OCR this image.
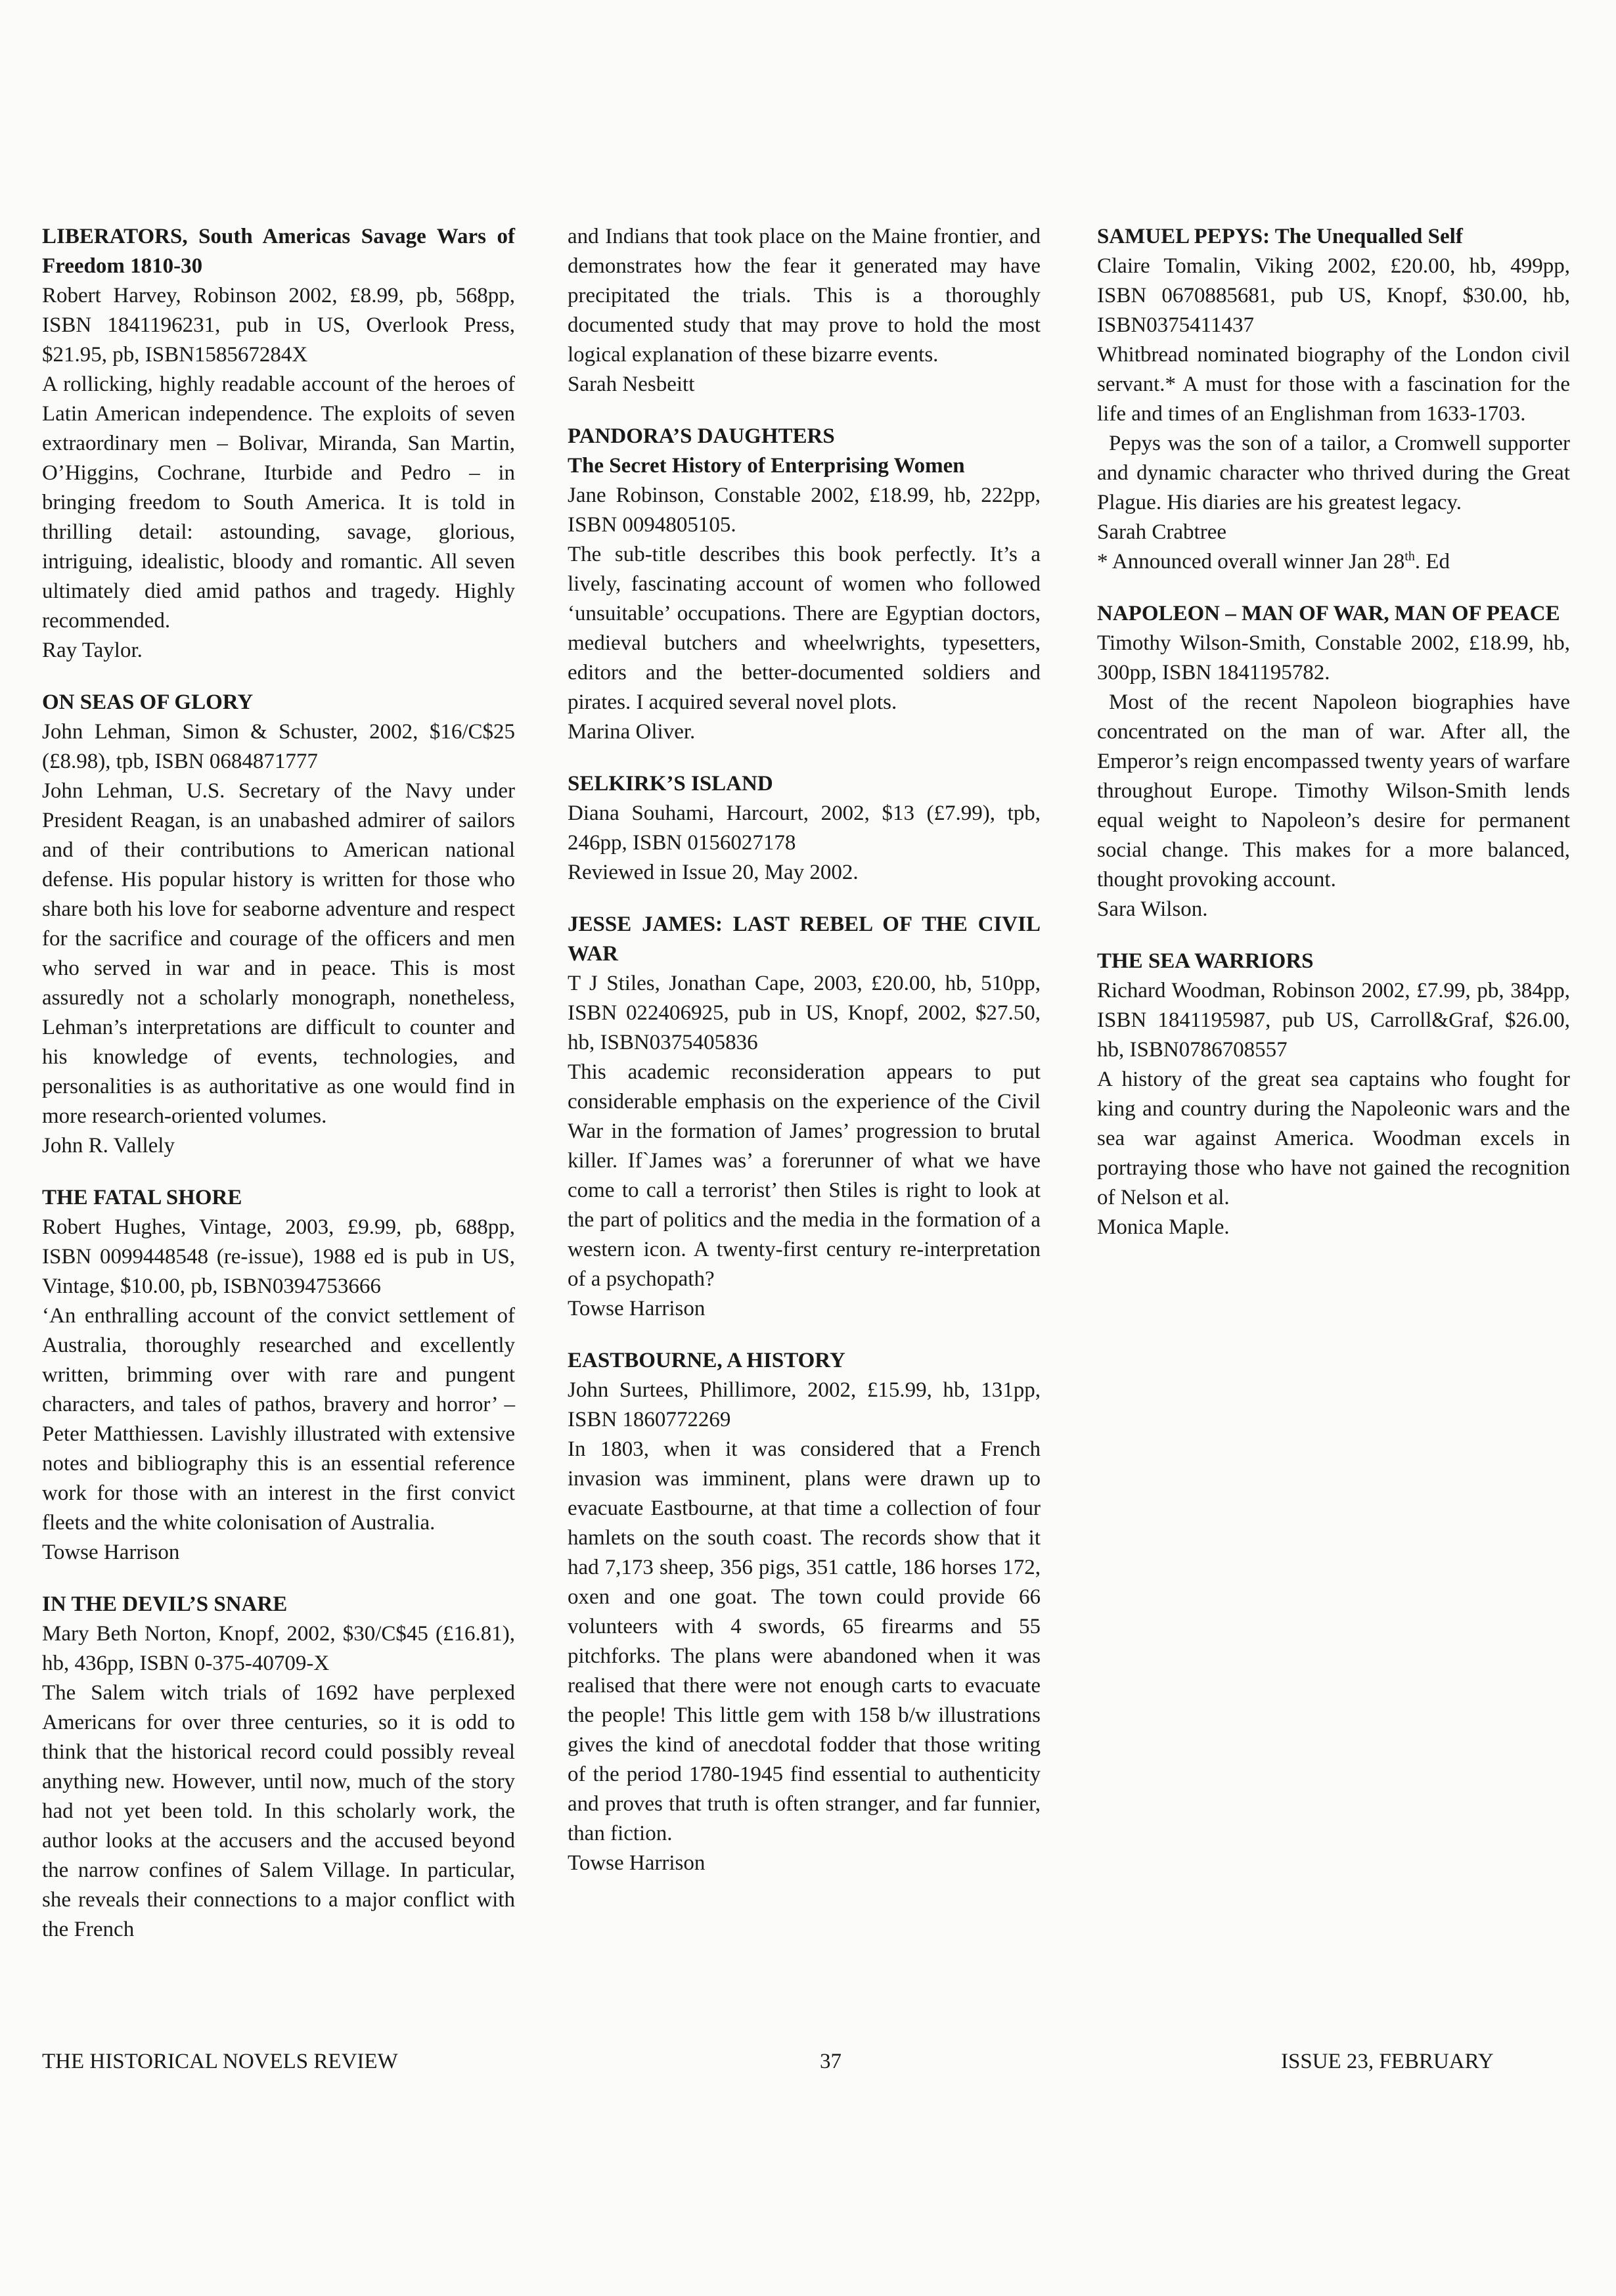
LIBERATORS, South Americas Savage Wars of Freedom 1810-30
Robert Harvey, Robinson 2002, £8.99, pb, 568pp, ISBN 1841196231, pub in US, Overlook Press, $21.95, pb, ISBN158567284X
A rollicking, highly readable account of the heroes of Latin American independence. The exploits of seven extraordinary men – Bolivar, Miranda, San Martin, O’Higgins, Cochrane, Iturbide and Pedro – in bringing freedom to South America. It is told in thrilling detail: astounding, savage, glorious, intriguing, idealistic, bloody and romantic. All seven ultimately died amid pathos and tragedy. Highly recommended.
Ray Taylor.
ON SEAS OF GLORY
John Lehman, Simon & Schuster, 2002, $16/C$25 (£8.98), tpb, ISBN 0684871777
John Lehman, U.S. Secretary of the Navy under President Reagan, is an unabashed admirer of sailors and of their contributions to American national defense. His popular history is written for those who share both his love for seaborne adventure and respect for the sacrifice and courage of the officers and men who served in war and in peace. This is most assuredly not a scholarly monograph, nonetheless, Lehman’s interpretations are difficult to counter and his knowledge of events, technologies, and personalities is as authoritative as one would find in more research-oriented volumes.
John R. Vallely
THE FATAL SHORE
Robert Hughes, Vintage, 2003, £9.99, pb, 688pp, ISBN 0099448548 (re-issue), 1988 ed is pub in US, Vintage, $10.00, pb, ISBN0394753666
‘An enthralling account of the convict settlement of Australia, thoroughly researched and excellently written, brimming over with rare and pungent characters, and tales of pathos, bravery and horror’ – Peter Matthiessen. Lavishly illustrated with extensive notes and bibliography this is an essential reference work for those with an interest in the first convict fleets and the white colonisation of Australia.
Towse Harrison
IN THE DEVIL’S SNARE
Mary Beth Norton, Knopf, 2002, $30/C$45 (£16.81), hb, 436pp, ISBN 0-375-40709-X
The Salem witch trials of 1692 have perplexed Americans for over three centuries, so it is odd to think that the historical record could possibly reveal anything new. However, until now, much of the story had not yet been told. In this scholarly work, the author looks at the accusers and the accused beyond the narrow confines of Salem Village. In particular, she reveals their connections to a major conflict with the French
and Indians that took place on the Maine frontier, and demonstrates how the fear it generated may have precipitated the trials. This is a thoroughly documented study that may prove to hold the most logical explanation of these bizarre events.
Sarah Nesbeitt
PANDORA’S DAUGHTERS
The Secret History of Enterprising Women
Jane Robinson, Constable 2002, £18.99, hb, 222pp, ISBN 0094805105.
The sub-title describes this book perfectly. It’s a lively, fascinating account of women who followed ‘unsuitable’ occupations. There are Egyptian doctors, medieval butchers and wheelwrights, typesetters, editors and the better-documented soldiers and pirates. I acquired several novel plots.
Marina Oliver.
SELKIRK’S ISLAND
Diana Souhami, Harcourt, 2002, $13 (£7.99), tpb, 246pp, ISBN 0156027178
Reviewed in Issue 20, May 2002.
JESSE JAMES: LAST REBEL OF THE CIVIL WAR
T J Stiles, Jonathan Cape, 2003, £20.00, hb, 510pp, ISBN 022406925, pub in US, Knopf, 2002, $27.50, hb, ISBN0375405836
This academic reconsideration appears to put considerable emphasis on the experience of the Civil War in the formation of James’ progression to brutal killer. If`James was’ a forerunner of what we have come to call a terrorist’ then Stiles is right to look at the part of politics and the media in the formation of a western icon. A twenty-first century re-interpretation of a psychopath?
Towse Harrison
EASTBOURNE, A HISTORY
John Surtees, Phillimore, 2002, £15.99, hb, 131pp, ISBN 1860772269
In 1803, when it was considered that a French invasion was imminent, plans were drawn up to evacuate Eastbourne, at that time a collection of four hamlets on the south coast. The records show that it had 7,173 sheep, 356 pigs, 351 cattle, 186 horses 172, oxen and one goat. The town could provide 66 volunteers with 4 swords, 65 firearms and 55 pitchforks. The plans were abandoned when it was realised that there were not enough carts to evacuate the people! This little gem with 158 b/w illustrations gives the kind of anecdotal fodder that those writing of the period 1780-1945 find essential to authenticity and proves that truth is often stranger, and far funnier, than fiction.
Towse Harrison
SAMUEL PEPYS: The Unequalled Self
Claire Tomalin, Viking 2002, £20.00, hb, 499pp, ISBN 0670885681, pub US, Knopf, $30.00, hb, ISBN0375411437
Whitbread nominated biography of the London civil servant.* A must for those with a fascination for the life and times of an Englishman from 1633-1703.
Pepys was the son of a tailor, a Cromwell supporter and dynamic character who thrived during the Great Plague. His diaries are his greatest legacy.
Sarah Crabtree
* Announced overall winner Jan 28th. Ed
NAPOLEON – MAN OF WAR, MAN OF PEACE
Timothy Wilson-Smith, Constable 2002, £18.99, hb, 300pp, ISBN 1841195782.
Most of the recent Napoleon biographies have concentrated on the man of war. After all, the Emperor’s reign encompassed twenty years of warfare throughout Europe. Timothy Wilson-Smith lends equal weight to Napoleon’s desire for permanent social change. This makes for a more balanced, thought provoking account.
Sara Wilson.
THE SEA WARRIORS
Richard Woodman, Robinson 2002, £7.99, pb, 384pp, ISBN 1841195987, pub US, Carroll&Graf, $26.00, hb, ISBN0786708557
A history of the great sea captains who fought for king and country during the Napoleonic wars and the sea war against America. Woodman excels in portraying those who have not gained the recognition of Nelson et al.
Monica Maple.
THE HISTORICAL NOVELS REVIEW	37	ISSUE 23, FEBRUARY
